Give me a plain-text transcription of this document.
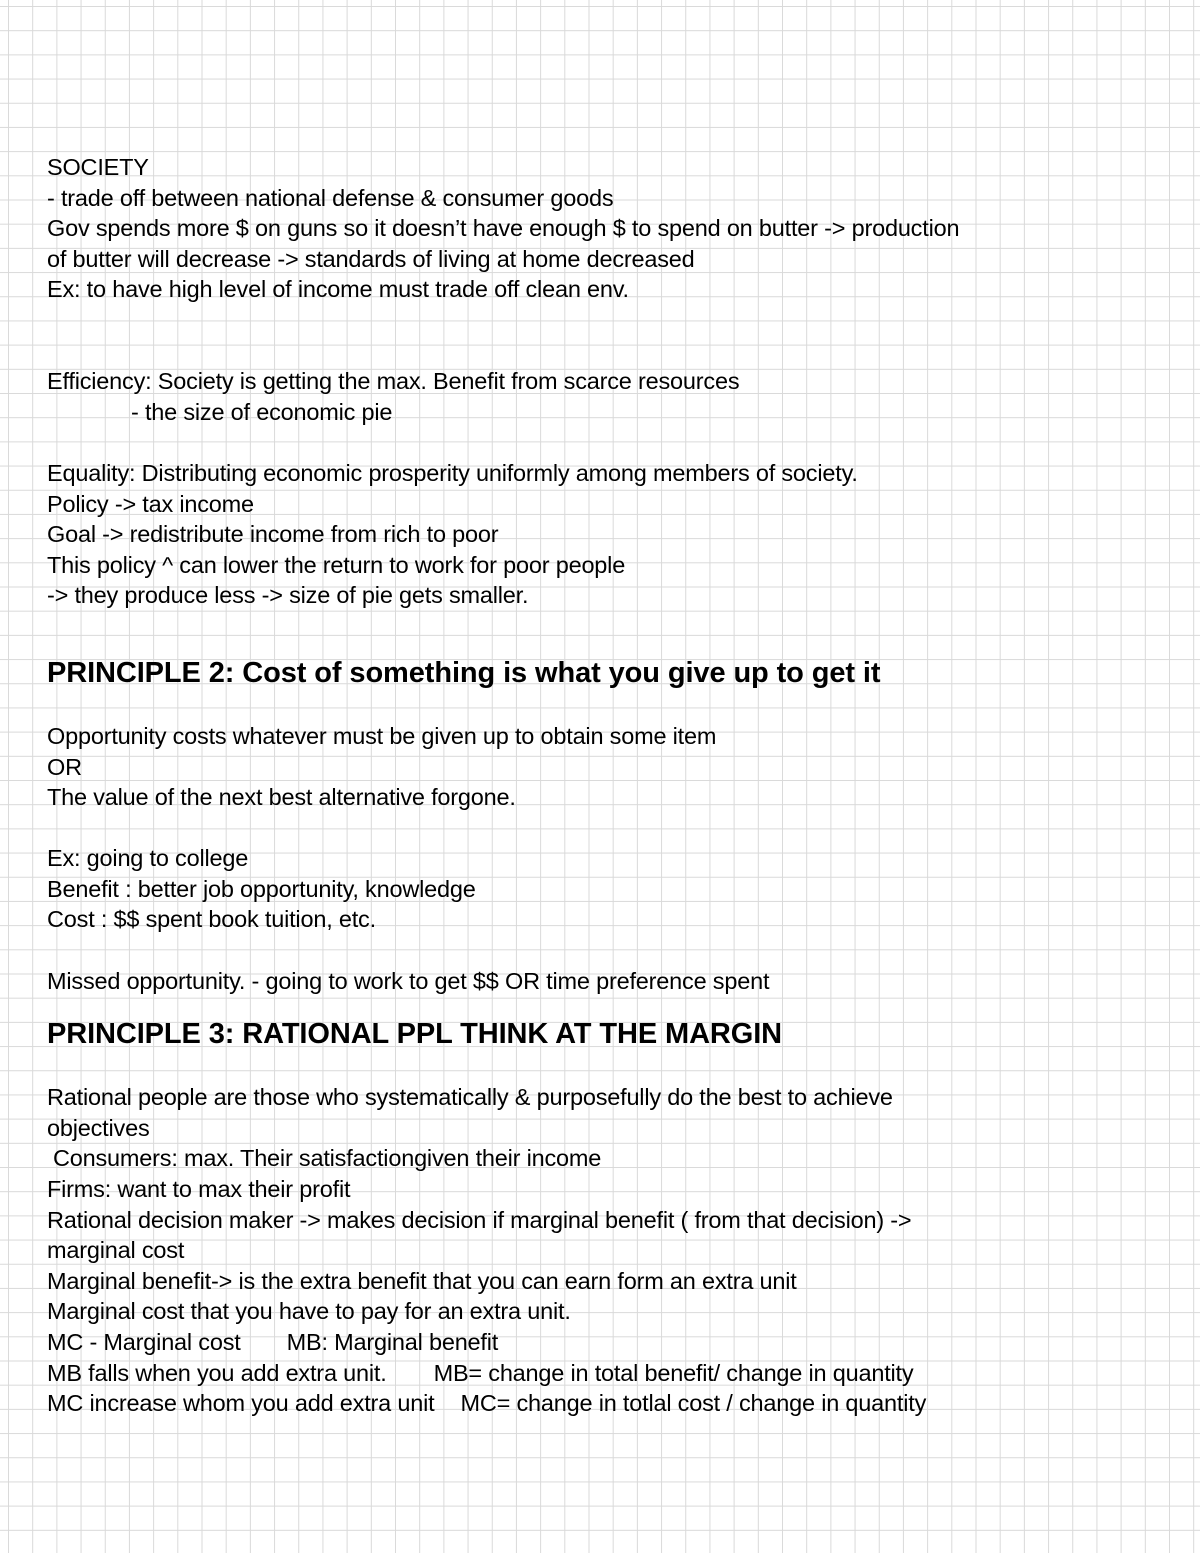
SOCIETY
- trade off between national defense & consumer goods
Gov spends more $ on guns so it doesn’t have enough $ to spend on butter -> production
of butter will decrease -> standards of living at home decreased
Ex: to have high level of income must trade off clean env.
Efficiency: Society is getting the max. Benefit from scarce resources
- the size of economic pie
Equality: Distributing economic prosperity uniformly among members of society.
Policy -> tax income
Goal -> redistribute income from rich to poor
This policy ^ can lower the return to work for poor people
-> they produce less -> size of pie gets smaller.
PRINCIPLE 2: Cost of something is what you give up to get it
Opportunity costs whatever must be given up to obtain some item
OR
The value of the next best alternative forgone.
Ex: going to college
Benefit : better job opportunity, knowledge
Cost : $$ spent book tuition, etc.
Missed opportunity. - going to work to get $$ OR time preference spent
PRINCIPLE 3: RATIONAL PPL THINK AT THE MARGIN
Rational people are those who systematically & purposefully do the best to achieve
objectives
Consumers: max. Their satisfactiongiven their income
Firms: want to max their profit
Rational decision maker -> makes decision if marginal benefit ( from that decision) ->
marginal cost
Marginal benefit-> is the extra benefit that you can earn form an extra unit
Marginal cost that you have to pay for an extra unit.
MC - Marginal cost MB: Marginal benefit
MB falls when you add extra unit. MB= change in total benefit/ change in quantity
MC increase whom you add extra unit MC= change in totlal cost / change in quantity
